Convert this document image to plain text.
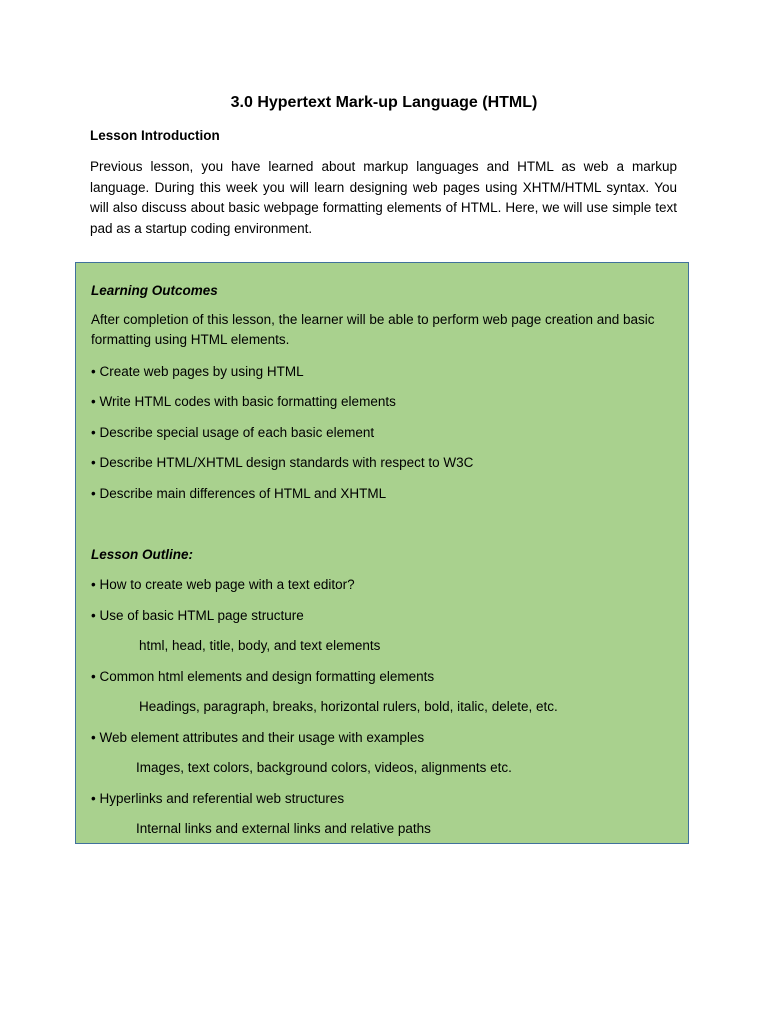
3.0 Hypertext Mark-up Language (HTML)
Lesson Introduction

Previous lesson, you have learned about markup languages and HTML as web a markup language. During this week you will learn designing web pages using XHTM/HTML syntax. You will also discuss about basic webpage formatting elements of HTML. Here, we will use simple text pad as a startup coding environment.

Learning Outcomes
After completion of this lesson, the learner will be able to perform web page creation and basic formatting using HTML elements.
• Create web pages by using HTML
• Write HTML codes with basic formatting elements
• Describe special usage of each basic element
• Describe HTML/XHTML design standards with respect to W3C
• Describe main differences of HTML and XHTML
Lesson Outline:
• How to create web page with a text editor?
• Use of basic HTML page structure
html, head, title, body, and text elements
• Common html elements and design formatting elements
Headings, paragraph, breaks, horizontal rulers, bold, italic, delete, etc.
• Web element attributes and their usage with examples
Images, text colors, background colors, videos, alignments etc.
• Hyperlinks and referential web structures
Internal links and external links and relative paths
